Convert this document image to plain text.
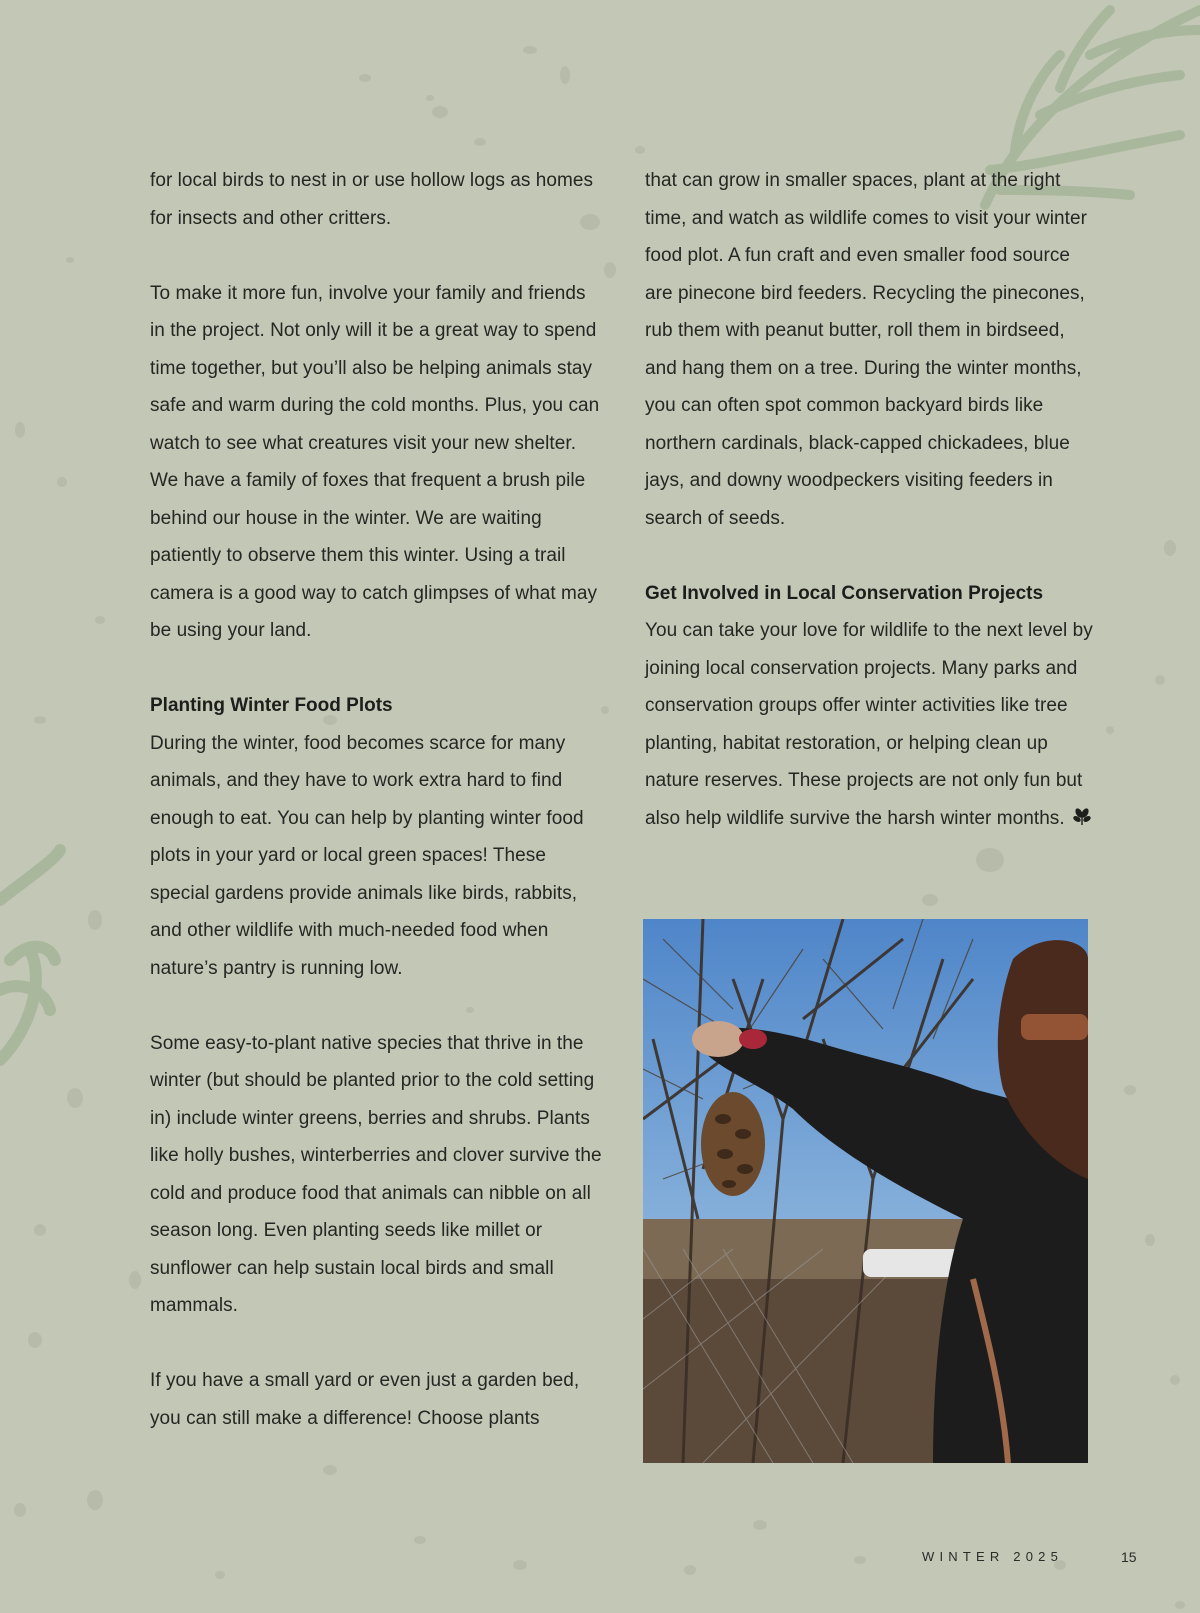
for local birds to nest in or use hollow logs as homes for insects and other critters.

To make it more fun, involve your family and friends in the project. Not only will it be a great way to spend time together, but you’ll also be helping animals stay safe and warm during the cold months. Plus, you can watch to see what creatures visit your new shelter. We have a family of foxes that frequent a brush pile behind our house in the winter. We are waiting patiently to observe them this winter. Using a trail camera is a good way to catch glimpses of what may be using your land.

Planting Winter Food Plots

During the winter, food becomes scarce for many animals, and they have to work extra hard to find enough to eat. You can help by planting winter food plots in your yard or local green spaces! These special gardens provide animals like birds, rabbits, and other wildlife with much-needed food when nature’s pantry is running low.

Some easy-to-plant native species that thrive in the winter (but should be planted prior to the cold setting in) include winter greens, berries and shrubs. Plants like holly bushes, winterberries and clover survive the cold and produce food that animals can nibble on all season long. Even planting seeds like millet or sunflower can help sustain local birds and small mammals.

If you have a small yard or even just a garden bed, you can still make a difference! Choose plants

that can grow in smaller spaces, plant at the right time, and watch as wildlife comes to visit your winter food plot. A fun craft and even smaller food source are pinecone bird feeders. Recycling the pinecones, rub them with peanut butter, roll them in birdseed, and hang them on a tree. During the winter months, you can often spot common backyard birds like northern cardinals, black-capped chickadees, blue jays, and downy woodpeckers visiting feeders in search of seeds.

Get Involved in Local Conservation Projects

You can take your love for wildlife to the next level by joining local conservation projects. Many parks and conservation groups offer winter activities like tree planting, habitat restoration, or helping clean up nature reserves. These projects are not only fun but also help wildlife survive the harsh winter months.

WINTER 2025	15
